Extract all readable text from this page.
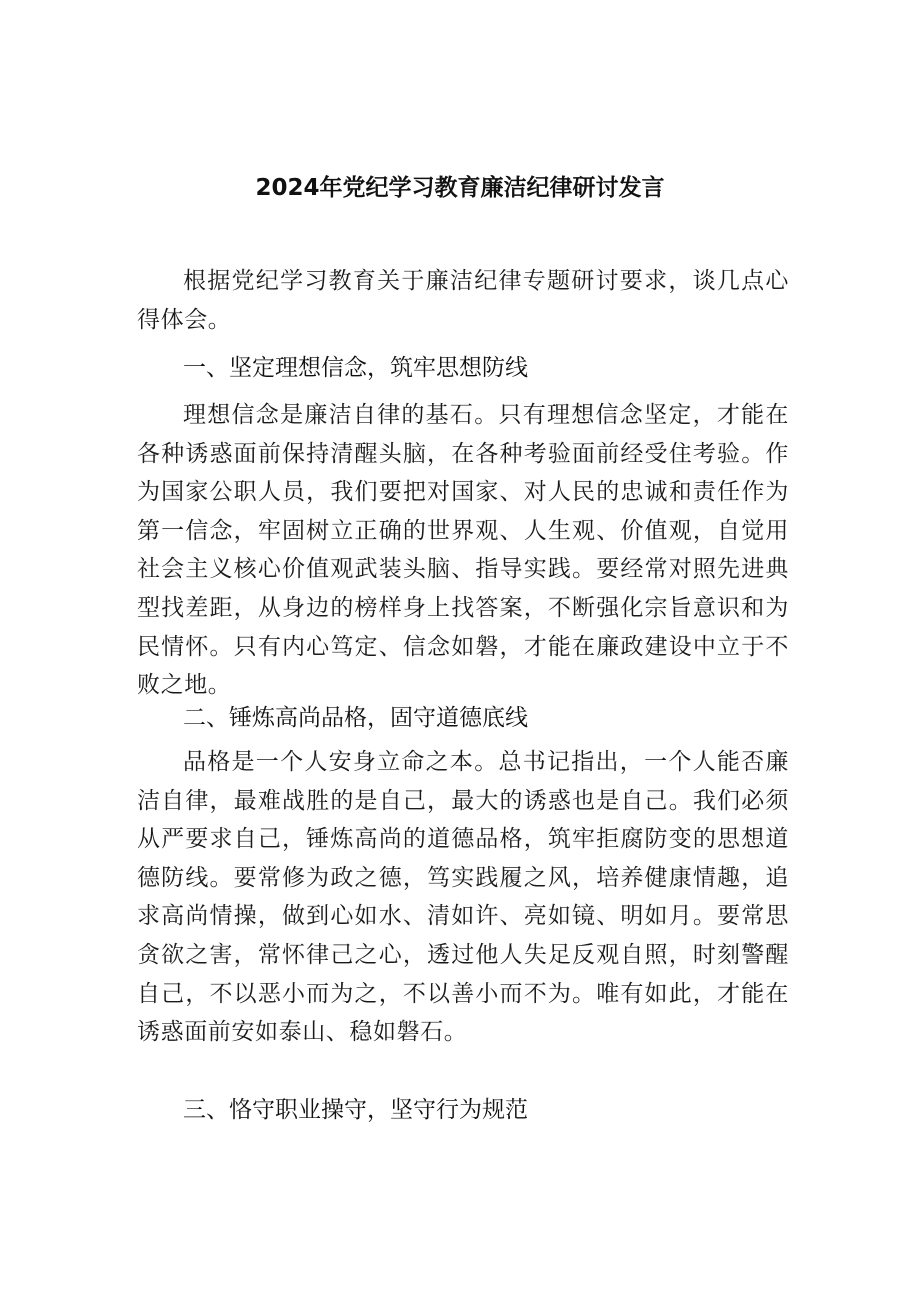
2024年党纪学习教育廉洁纪律研讨发言

根据党纪学习教育关于廉洁纪律专题研讨要求，谈几点心得体会。

一、坚定理想信念，筑牢思想防线

理想信念是廉洁自律的基石。只有理想信念坚定，才能在各种诱惑面前保持清醒头脑，在各种考验面前经受住考验。作为国家公职人员，我们要把对国家、对人民的忠诚和责任作为第一信念，牢固树立正确的世界观、人生观、价值观，自觉用社会主义核心价值观武装头脑、指导实践。要经常对照先进典型找差距，从身边的榜样身上找答案，不断强化宗旨意识和为民情怀。只有内心笃定、信念如磐，才能在廉政建设中立于不败之地。

二、锤炼高尚品格，固守道德底线

品格是一个人安身立命之本。总书记指出，一个人能否廉洁自律，最难战胜的是自己，最大的诱惑也是自己。我们必须从严要求自己，锤炼高尚的道德品格，筑牢拒腐防变的思想道德防线。要常修为政之德，笃实践履之风，培养健康情趣，追求高尚情操，做到心如水、清如许、亮如镜、明如月。要常思贪欲之害，常怀律己之心，透过他人失足反观自照，时刻警醒自己，不以恶小而为之，不以善小而不为。唯有如此，才能在诱惑面前安如泰山、稳如磐石。

三、恪守职业操守，坚守行为规范
